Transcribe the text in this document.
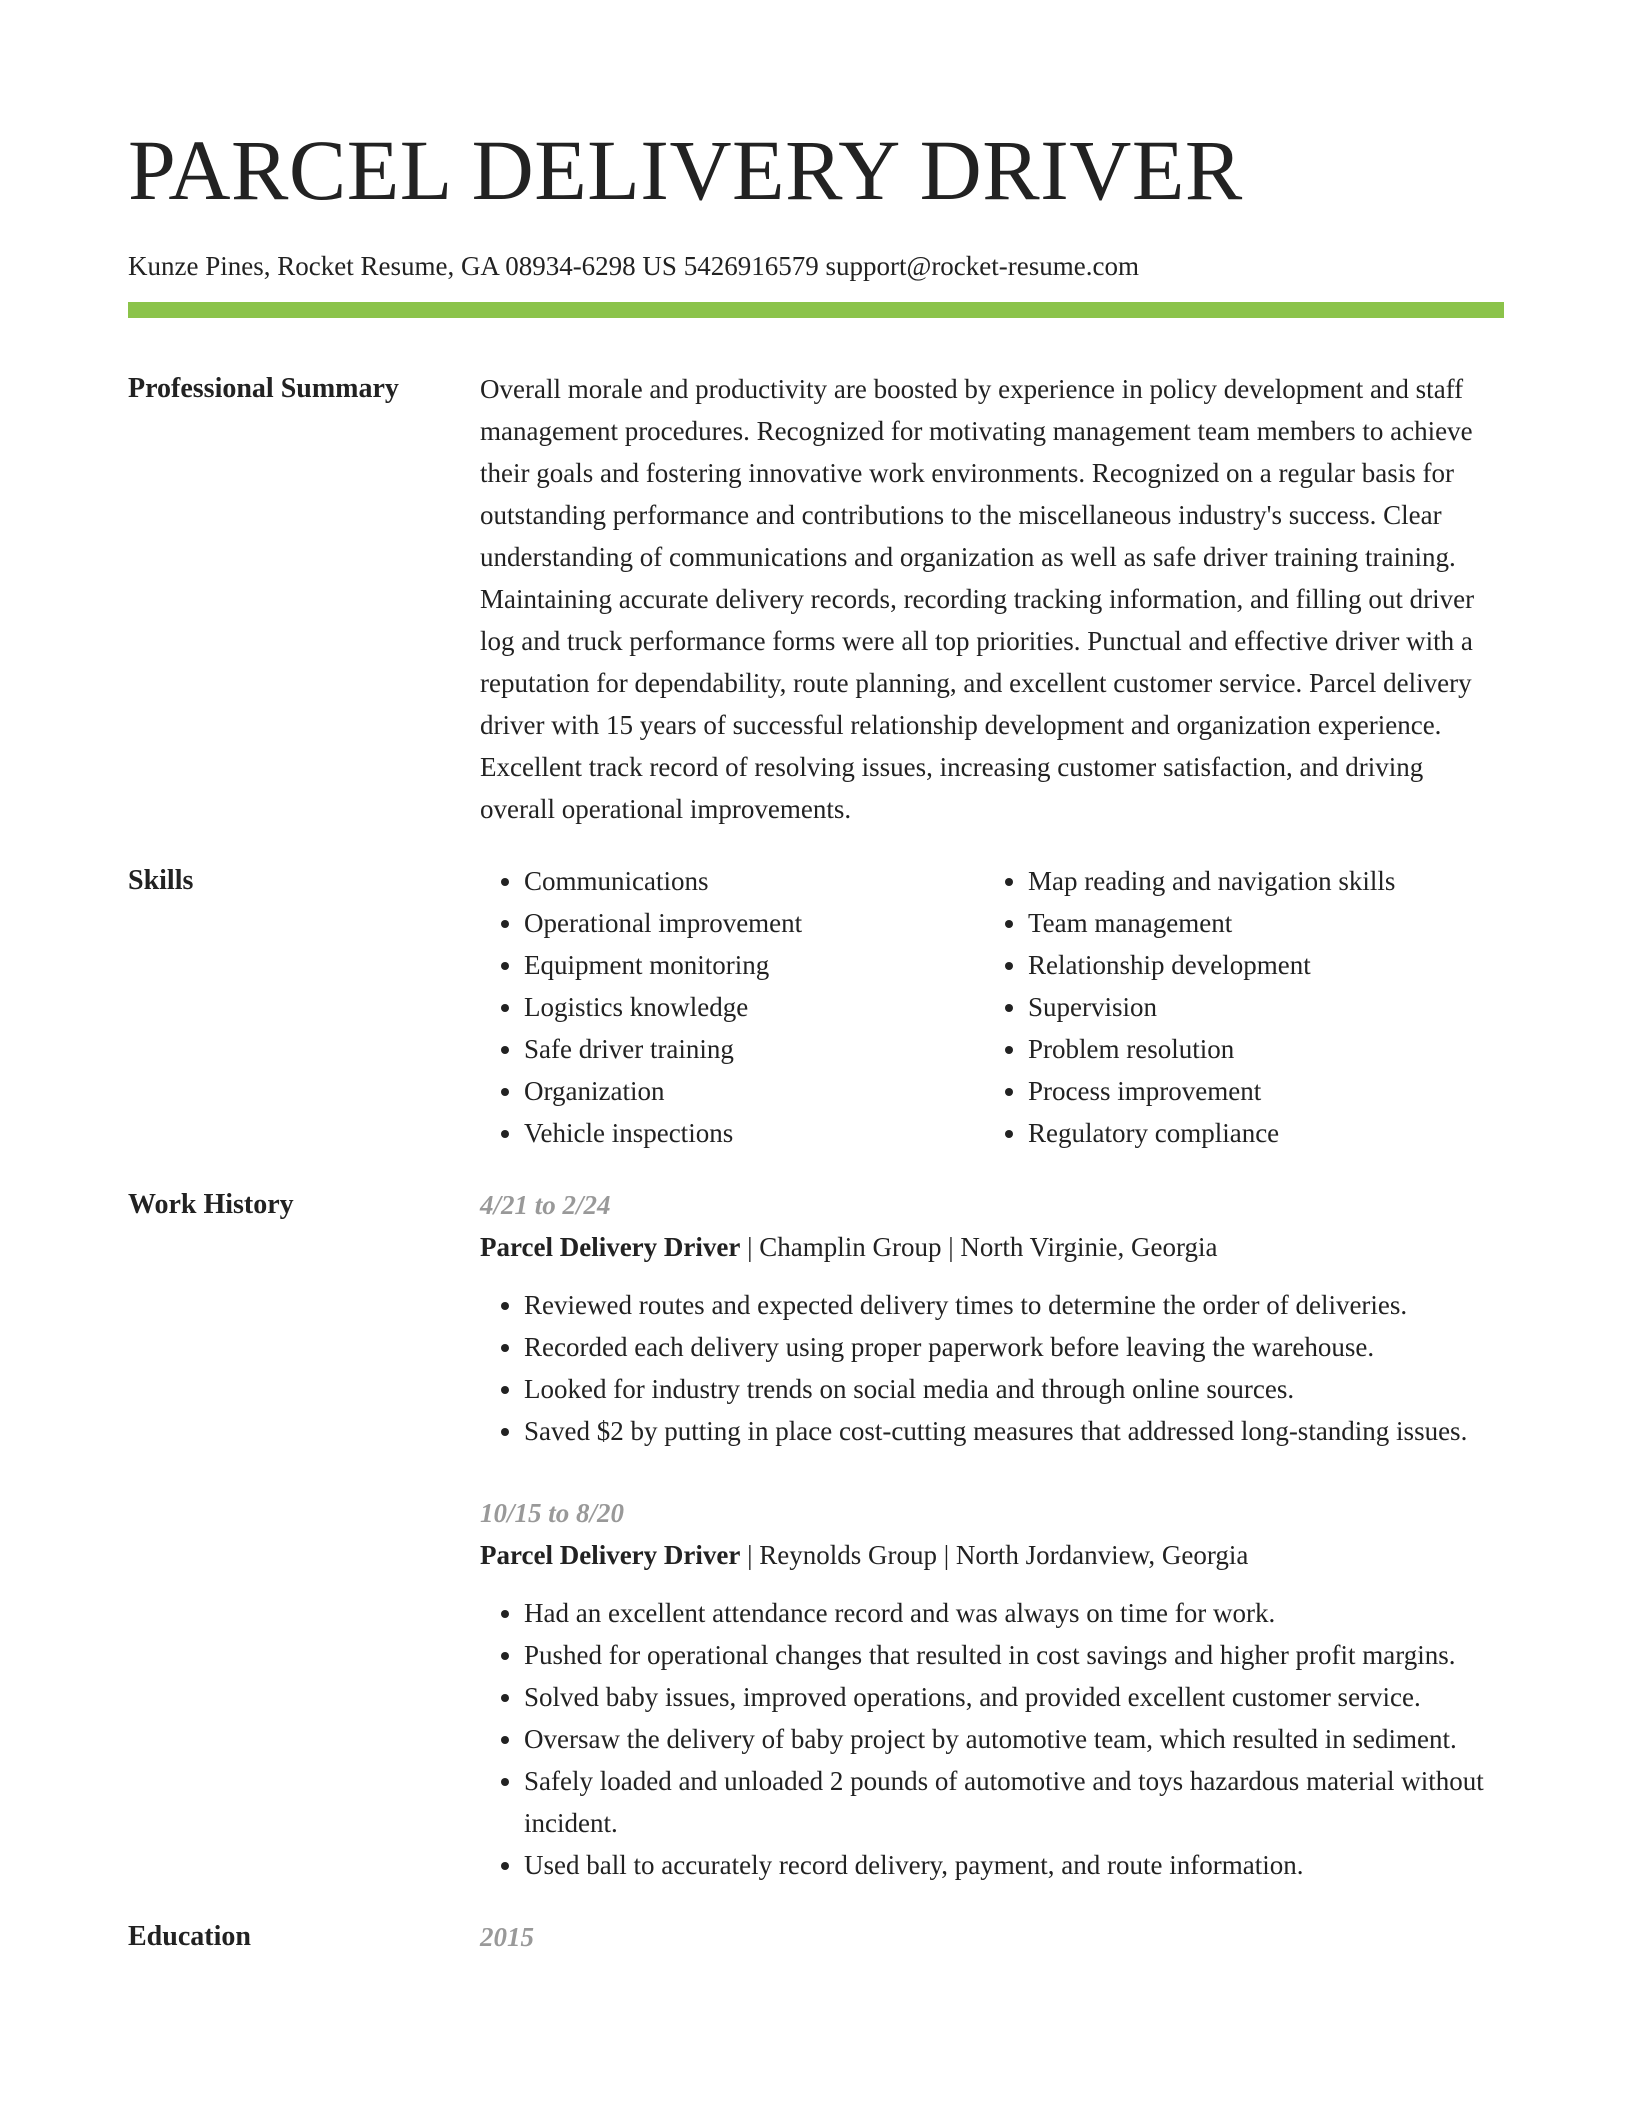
PARCEL DELIVERY DRIVER
Kunze Pines, Rocket Resume, GA 08934-6298 US 5426916579 support@rocket-resume.com
Professional Summary	Overall morale and productivity are boosted by experience in policy development and staff management procedures. Recognized for motivating management team members to achieve their goals and fostering innovative work environments. Recognized on a regular basis for outstanding performance and contributions to the miscellaneous industry's success. Clear understanding of communications and organization as well as safe driver training training. Maintaining accurate delivery records, recording tracking information, and filling out driver log and truck performance forms were all top priorities. Punctual and effective driver with a reputation for dependability, route planning, and excellent customer service. Parcel delivery driver with 15 years of successful relationship development and organization experience. Excellent track record of resolving issues, increasing customer satisfaction, and driving overall operational improvements.
Skills
•	Communications
• Operational improvement
• Equipment monitoring
• Logistics knowledge
• Safe driver training
• Organization
• Vehicle inspections
• Map reading and navigation skills
• Team management
• Relationship development
• Supervision
• Problem resolution
• Process improvement
• Regulatory compliance
Work History	4/21 to 2/24
Parcel Delivery Driver | Champlin Group | North Virginie, Georgia
• Reviewed routes and expected delivery times to determine the order of deliveries.
• Recorded each delivery using proper paperwork before leaving the warehouse.
• Looked for industry trends on social media and through online sources.
• Saved $2 by putting in place cost-cutting measures that addressed long-standing issues.
10/15 to 8/20
Parcel Delivery Driver | Reynolds Group | North Jordanview, Georgia
• Had an excellent attendance record and was always on time for work.
• Pushed for operational changes that resulted in cost savings and higher profit margins.
• Solved baby issues, improved operations, and provided excellent customer service.
• Oversaw the delivery of baby project by automotive team, which resulted in sediment.
• Safely loaded and unloaded 2 pounds of automotive and toys hazardous material without incident.
• Used ball to accurately record delivery, payment, and route information.
Education	2015
